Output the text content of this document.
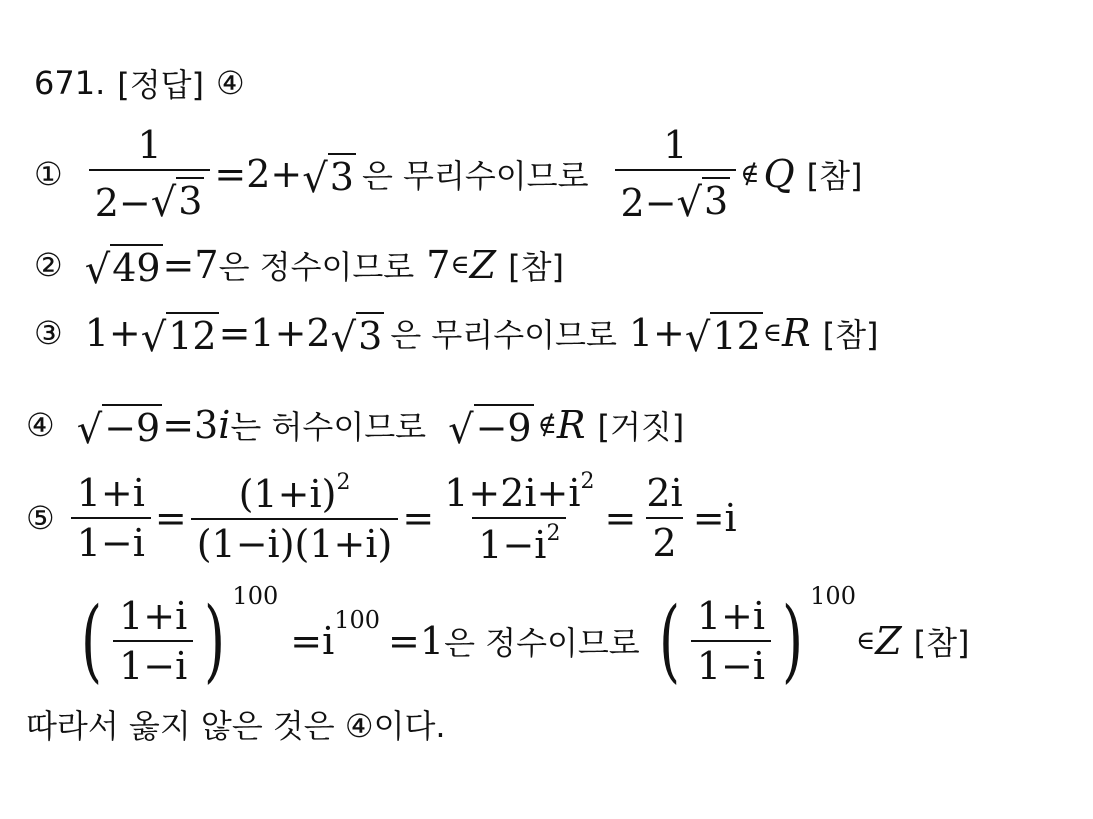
671. [정답] ④
① $\frac{1}{2- √ 3} =2+$ √ 3 은 무리수이므로 $\frac{1}{2- √ 3}$ ∉ Q [참]
② √ 49 =7 은 정수이므로 7 ∈ Z [참]
③ 1+ √ 12 =1+2 √ 3 은 무리수이므로 1+ √ 12 ∈ R [참]
④ √ −9 =3 i 는 허수이므로 √ −9 ∉ R [거짓]
⑤ $\frac{1+i}{1-i} = \frac{(1+i)^2}{(1-i)(1+i)} = \frac{1+2i+i^2}{1-i^2} = \frac{2i}{2} =i$
( $\frac{1+i}{1-i}$ ) 100
=i 100 =1 은 정수이므로 ( $\frac{1+i}{1-i}$ ) 100
∈ Z [참]
따라서 옳지 않은 것은 ④이다.
